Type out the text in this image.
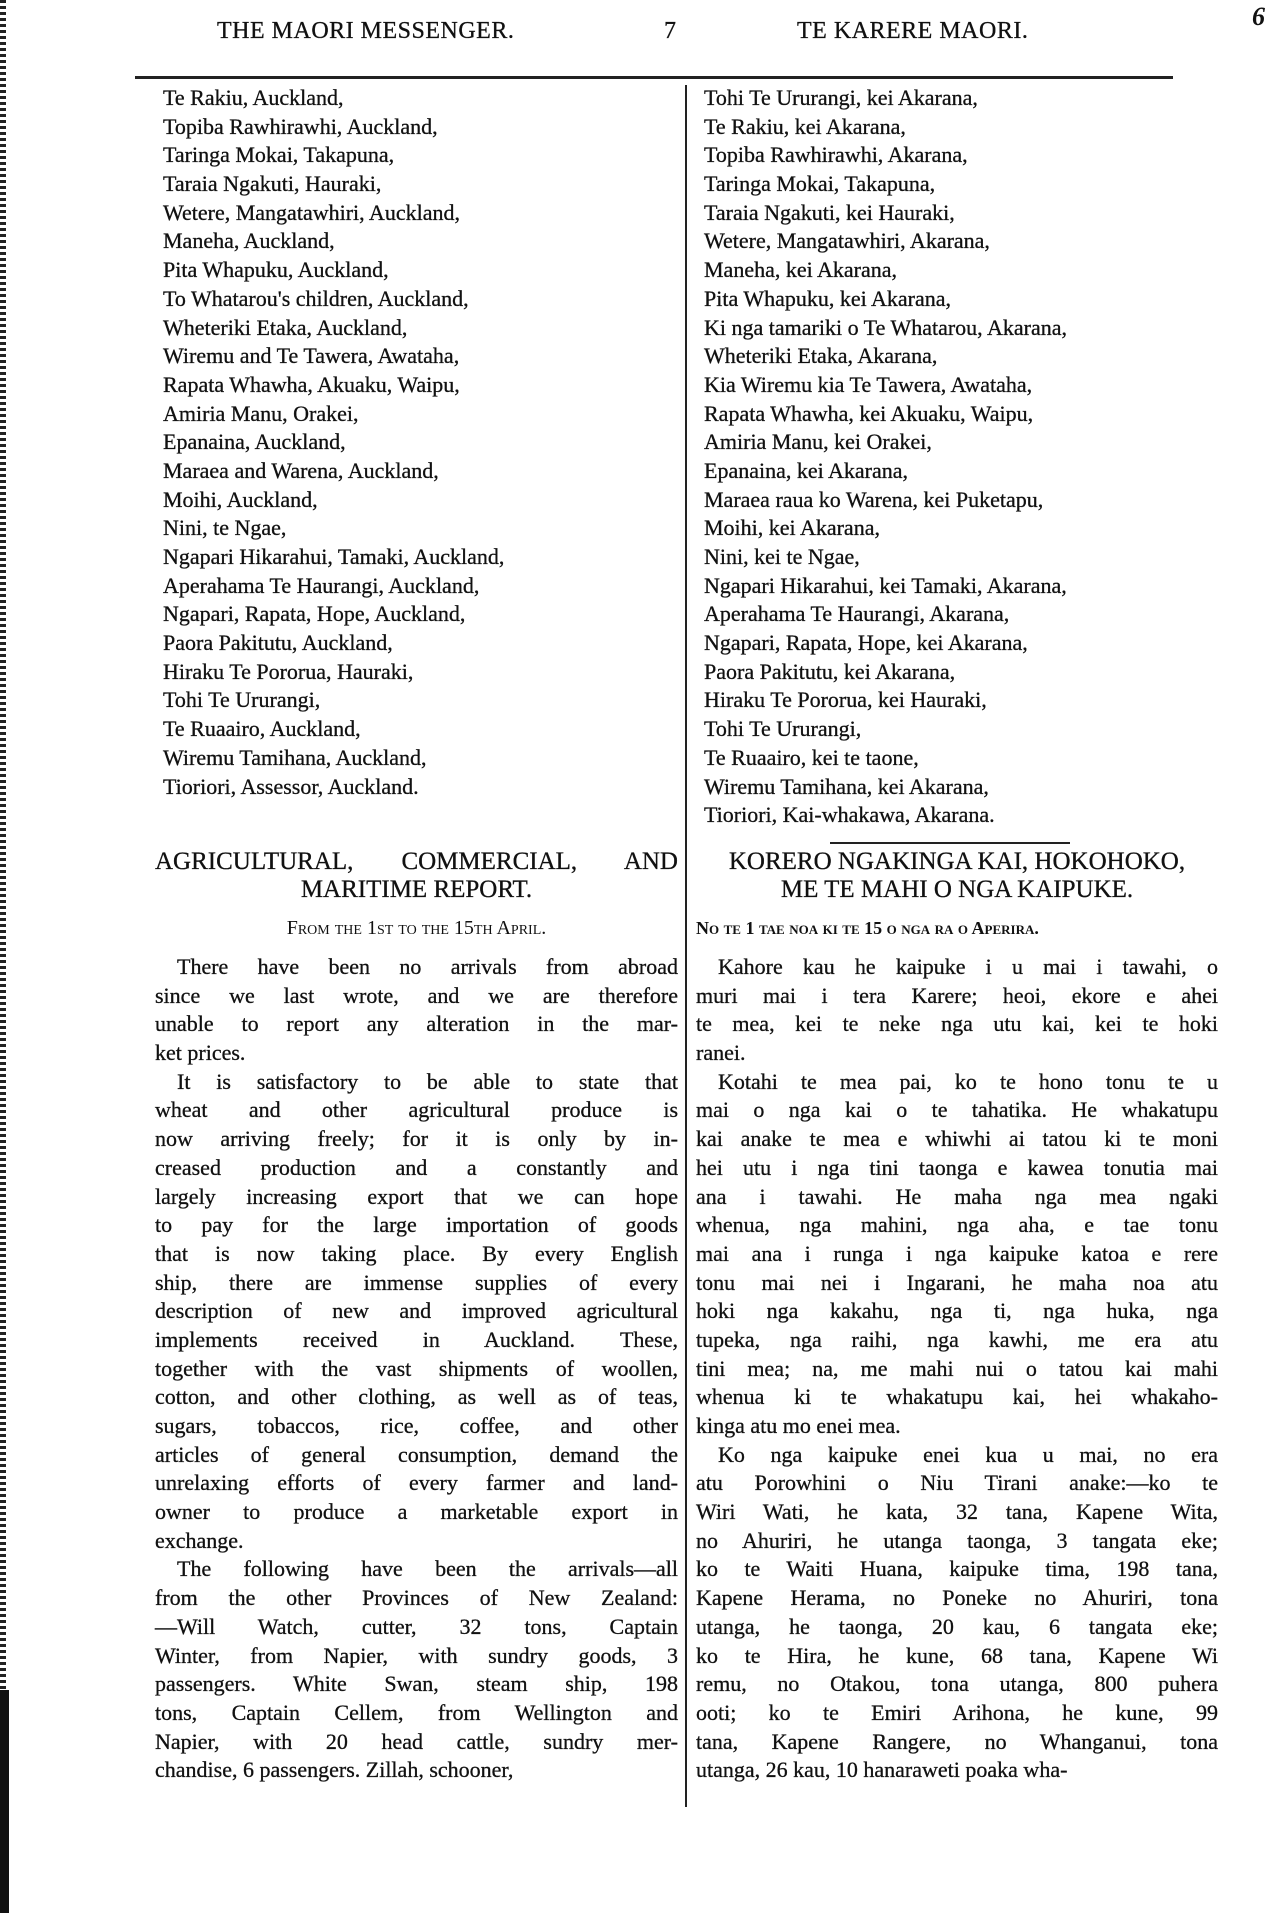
THE MAORI MESSENGER.	7	TE KARERE MAORI.	6
Te Rakiu, Auckland,
Topiba Rawhirawhi, Auckland,
Taringa Mokai, Takapuna,
Taraia Ngakuti, Hauraki,
Wetere, Mangatawhiri, Auckland,
Maneha, Auckland,
Pita Whapuku, Auckland,
To Whatarou's children, Auckland,
Wheteriki Etaka, Auckland,
Wiremu and Te Tawera, Awataha,
Rapata Whawha, Akuaku, Waipu,
Amiria Manu, Orakei,
Epanaina, Auckland,
Maraea and Warena, Auckland,
Moihi, Auckland,
Nini, te Ngae,
Ngapari Hikarahui, Tamaki, Auckland,
Aperahama Te Haurangi, Auckland,
Ngapari, Rapata, Hope, Auckland,
Paora Pakitutu, Auckland,
Hiraku Te Pororua, Hauraki,
Tohi Te Ururangi,
Te Ruaairo, Auckland,
Wiremu Tamihana, Auckland,
Tioriori, Assessor, Auckland.
Tohi Te Ururangi, kei Akarana,
Te Rakiu, kei Akarana,
Topiba Rawhirawhi, Akarana,
Taringa Mokai, Takapuna,
Taraia Ngakuti, kei Hauraki,
Wetere, Mangatawhiri, Akarana,
Maneha, kei Akarana,
Pita Whapuku, kei Akarana,
Ki nga tamariki o Te Whatarou, Akarana,
Wheteriki Etaka, Akarana,
Kia Wiremu kia Te Tawera, Awataha,
Rapata Whawha, kei Akuaku, Waipu,
Amiria Manu, kei Orakei,
Epanaina, kei Akarana,
Maraea raua ko Warena, kei Puketapu,
Moihi, kei Akarana,
Nini, kei te Ngae,
Ngapari Hikarahui, kei Tamaki, Akarana,
Aperahama Te Haurangi, Akarana,
Ngapari, Rapata, Hope, kei Akarana,
Paora Pakitutu, kei Akarana,
Hiraku Te Pororua, kei Hauraki,
Tohi Te Ururangi,
Te Ruaairo, kei te taone,
Wiremu Tamihana, kei Akarana,
Tioriori, Kai-whakawa, Akarana.
AGRICULTURAL, COMMERCIAL, AND
MARITIME REPORT.
KORERO NGAKINGA KAI, HOKOHOKO,
ME TE MAHI O NGA KAIPUKE.
From the 1st to the 15th April.	No te 1 tae noa ki te 15 o nga ra o Aperira.
There have been no arrivals from abroad
since we last wrote, and we are therefore
unable to report any alteration in the mar-
ket prices.
It is satisfactory to be able to state that
wheat and other agricultural produce is
now arriving freely; for it is only by in-
creased production and a constantly and
largely increasing export that we can hope
to pay for the large importation of goods
that is now taking place. By every English
ship, there are immense supplies of every
description of new and improved agricultural
implements received in Auckland. These,
together with the vast shipments of woollen,
cotton, and other clothing, as well as of teas,
sugars, tobaccos, rice, coffee, and other
articles of general consumption, demand the
unrelaxing efforts of every farmer and land-
owner to produce a marketable export in
exchange.
The following have been the arrivals—all
from the other Provinces of New Zealand:
—Will Watch, cutter, 32 tons, Captain
Winter, from Napier, with sundry goods, 3
passengers. White Swan, steam ship, 198
tons, Captain Cellem, from Wellington and
Napier, with 20 head cattle, sundry mer-
chandise, 6 passengers. Zillah, schooner,
Kahore kau he kaipuke i u mai i tawahi, o
muri mai i tera Karere; heoi, ekore e ahei
te mea, kei te neke nga utu kai, kei te hoki
ranei.
Kotahi te mea pai, ko te hono tonu te u
mai o nga kai o te tahatika. He whakatupu
kai anake te mea e whiwhi ai tatou ki te moni
hei utu i nga tini taonga e kawea tonutia mai
ana i tawahi. He maha nga mea ngaki
whenua, nga mahini, nga aha, e tae tonu
mai ana i runga i nga kaipuke katoa e rere
tonu mai nei i Ingarani, he maha noa atu
hoki nga kakahu, nga ti, nga huka, nga
tupeka, nga raihi, nga kawhi, me era atu
tini mea; na, me mahi nui o tatou kai mahi
whenua ki te whakatupu kai, hei whakaho-
kinga atu mo enei mea.
Ko nga kaipuke enei kua u mai, no era
atu Porowhini o Niu Tirani anake:—ko te
Wiri Wati, he kata, 32 tana, Kapene Wita,
no Ahuriri, he utanga taonga, 3 tangata eke;
ko te Waiti Huana, kaipuke tima, 198 tana,
Kapene Herama, no Poneke no Ahuriri, tona
utanga, he taonga, 20 kau, 6 tangata eke;
ko te Hira, he kune, 68 tana, Kapene Wi
remu, no Otakou, tona utanga, 800 puhera
ooti; ko te Emiri Arihona, he kune, 99
tana, Kapene Rangere, no Whanganui, tona
utanga, 26 kau, 10 hanaraweti poaka wha-
